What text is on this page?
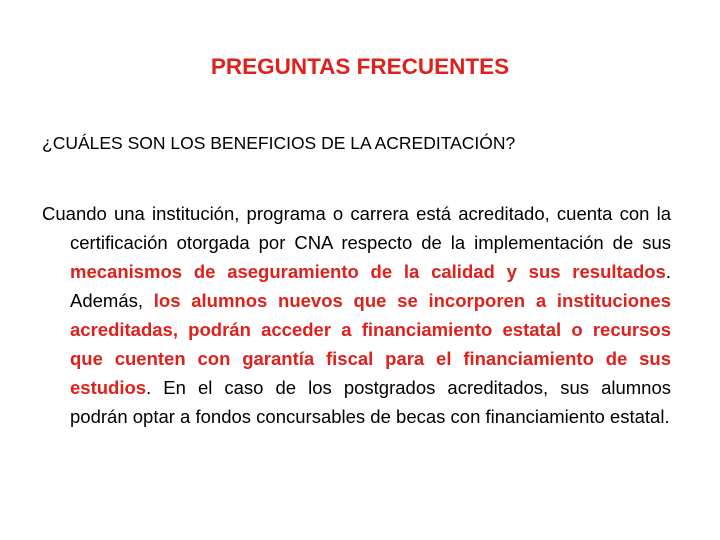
PREGUNTAS FRECUENTES
¿CUÁLES SON LOS BENEFICIOS DE LA ACREDITACIÓN?

Cuando una institución, programa o carrera está acreditado, cuenta con la certificación otorgada por CNA respecto de la implementación de sus mecanismos de aseguramiento de la calidad y sus resultados. Además, los alumnos nuevos que se incorporen a instituciones acreditadas, podrán acceder a financiamiento estatal o recursos que cuenten con garantía fiscal para el financiamiento de sus estudios. En el caso de los postgrados acreditados, sus alumnos podrán optar a fondos concursables de becas con financiamiento estatal.
